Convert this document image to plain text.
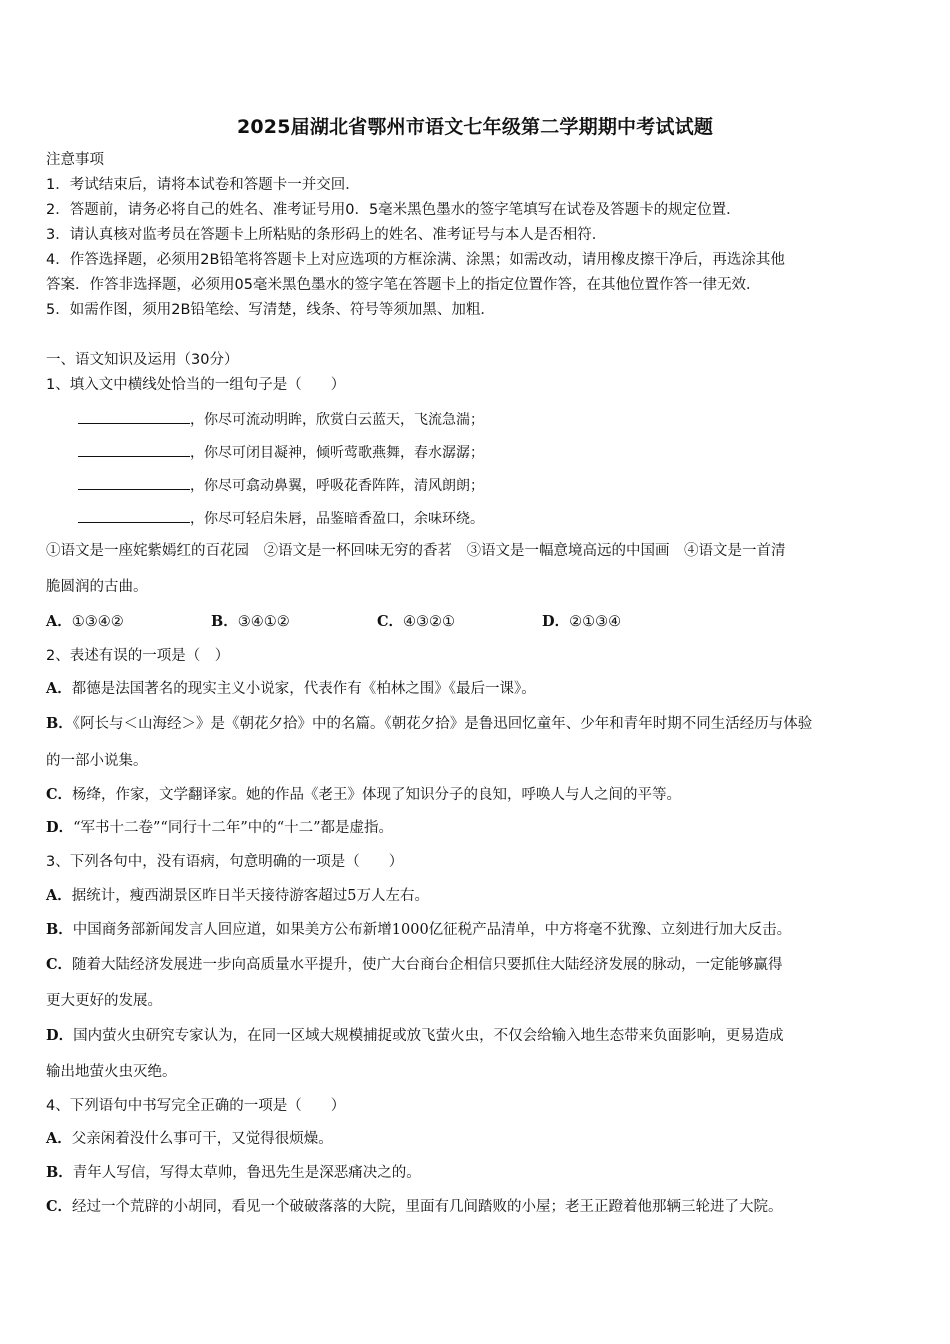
2025届湖北省鄂州市语文七年级第二学期期中考试试题
注意事项
1．考试结束后，请将本试卷和答题卡一并交回．
2．答题前，请务必将自己的姓名、准考证号用0．5毫米黑色墨水的签字笔填写在试卷及答题卡的规定位置．
3．请认真核对监考员在答题卡上所粘贴的条形码上的姓名、准考证号与本人是否相符．
4．作答选择题，必须用2B铅笔将答题卡上对应选项的方框涂满、涂黑；如需改动，请用橡皮擦干净后，再选涂其他
答案．作答非选择题，必须用05毫米黑色墨水的签字笔在答题卡上的指定位置作答，在其他位置作答一律无效．
5．如需作图，须用2B铅笔绘、写清楚，线条、符号等须加黑、加粗．
一、语文知识及运用（30分）
1、填入文中横线处恰当的一组句子是（　　）
，你尽可流动明眸，欣赏白云蓝天，飞流急湍；
，你尽可闭目凝神，倾听莺歌燕舞，春水潺潺；
，你尽可翕动鼻翼，呼吸花香阵阵，清风朗朗；
，你尽可轻启朱唇，品鉴暗香盈口，余味环绕。
①语文是一座姹紫嫣红的百花园　②语文是一杯回味无穷的香茗　③语文是一幅意境高远的中国画　④语文是一首清
脆圆润的古曲。
A．①③④②	B．③④①②	C．④③②①	D．②①③④
2、表述有误的一项是（　）
A．都德是法国著名的现实主义小说家，代表作有《柏林之围》《最后一课》。
B．《阿长与＜山海经＞》是《朝花夕拾》中的名篇。《朝花夕拾》是鲁迅回忆童年、少年和青年时期不同生活经历与体验
的一部小说集。
C．杨绛，作家，文学翻译家。她的作品《老王》体现了知识分子的良知，呼唤人与人之间的平等。
D．“军书十二卷”“同行十二年”中的“十二”都是虚指。
3、下列各句中，没有语病，句意明确的一项是（　　）
A．据统计，瘦西湖景区昨日半天接待游客超过5万人左右。
B．中国商务部新闻发言人回应道，如果美方公布新增1000亿征税产品清单，中方将毫不犹豫、立刻进行加大反击。
C．随着大陆经济发展进一步向高质量水平提升，使广大台商台企相信只要抓住大陆经济发展的脉动，一定能够赢得
更大更好的发展。
D．国内萤火虫研究专家认为，在同一区域大规模捕捉或放飞萤火虫，不仅会给输入地生态带来负面影响，更易造成
输出地萤火虫灭绝。
4、下列语句中书写完全正确的一项是（　　）
A．父亲闲着没什么事可干，又觉得很烦燥。
B．青年人写信，写得太草帅，鲁迅先生是深恶痛决之的。
C．经过一个荒辟的小胡同，看见一个破破落落的大院，里面有几间踏败的小屋；老王正蹬着他那辆三轮进了大院。
